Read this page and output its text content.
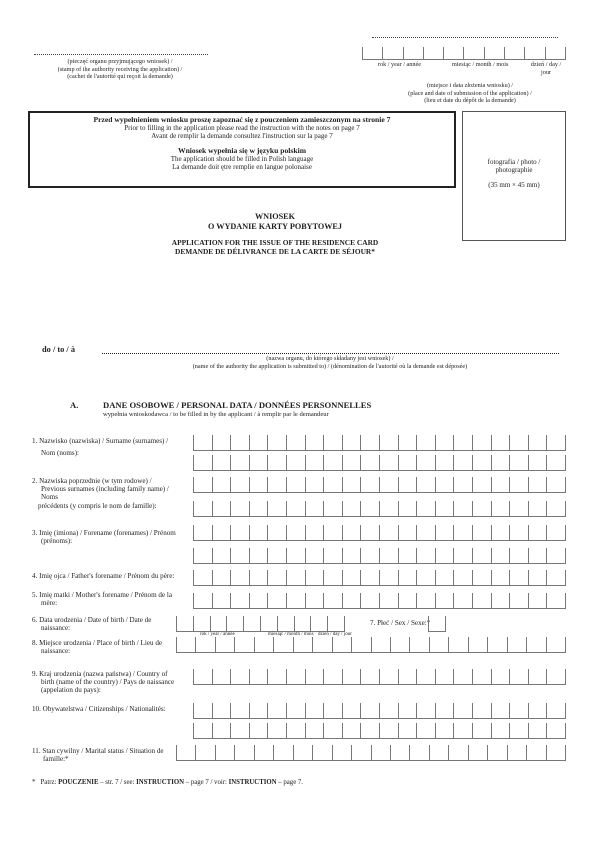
(pieczęć organu przyjmującego wniosek) /
(stamp of the authority receiving the application) /
(cachet de l'autorité qui reçoit la demande)
rok / year / année	miesiąc / month / mois	dzień / day /
jour
(miejsce i data złożenia wniosku) /
(place and date of submission of the application) /
(lieu et date du dépôt de la demande)
Przed wypełnieniem wniosku proszę zapoznać się z pouczeniem zamieszczonym na stronie 7
Prior to filling in the application please read the instruction with the notes on page 7
Avant de remplir la demande consultez l'instruction sur la page 7
Wniosek wypełnia się w języku polskim
The application should be filled in Polish language
La demande doit ętre remplie en langue polonaise
fotografia / photo /
photographie
(35 mm × 45 mm)
WNIOSEK
O WYDANIE KARTY POBYTOWEJ
APPLICATION FOR THE ISSUE OF THE RESIDENCE CARD
DEMANDE DE DÉLIVRANCE DE LA CARTE DE SÉJOUR*
do / to / à
(nazwa organu, do którego składany jest wniosek) /
(name of the authority the application is submitted to) / (dénomination de l'autorité où la demande est déposée)
A.	DANE OSOBOWE / PERSONAL DATA / DONNÉES PERSONNELLES
wypełnia wnioskodawca / to be filled in by the applicant / à remplir par le demandeur
1. Nazwisko (nazwiska) / Surname (surnames) /
Nom (noms):
2. Nazwiska poprzednie (w tym rodowe) /
Previous surnames (including family name) /
Noms
précédents (y compris le nom de famille):
3. Imię (imiona) / Forename (forenames) / Prénom
(prénoms):
4. Imię ojca / Father's forename / Prénom du père:
5. Imię matki / Mother's forename / Prénom de la
mère:
6. Data urodzenia / Date of birth / Date de
naissance:
8. Miejsce urodzenia / Place of birth / Lieu de
naissance:
9. Kraj urodzenia (nazwa państwa) / Country of
birth (name of the country) / Pays de naissance
(appelation du pays):
10. Obywatelstwa / Citizenships / Nationalités:
11. Stan cywilny / Marital status / Situation de
famille:*
rok / year / année	miesiąc / month / mois dzień / day / jour
7. Płeć / Sex / Sexe:*
* Patrz: POUCZENIE – str. 7 / see: INSTRUCTION – page 7 / voir: INSTRUCTION – page 7.
